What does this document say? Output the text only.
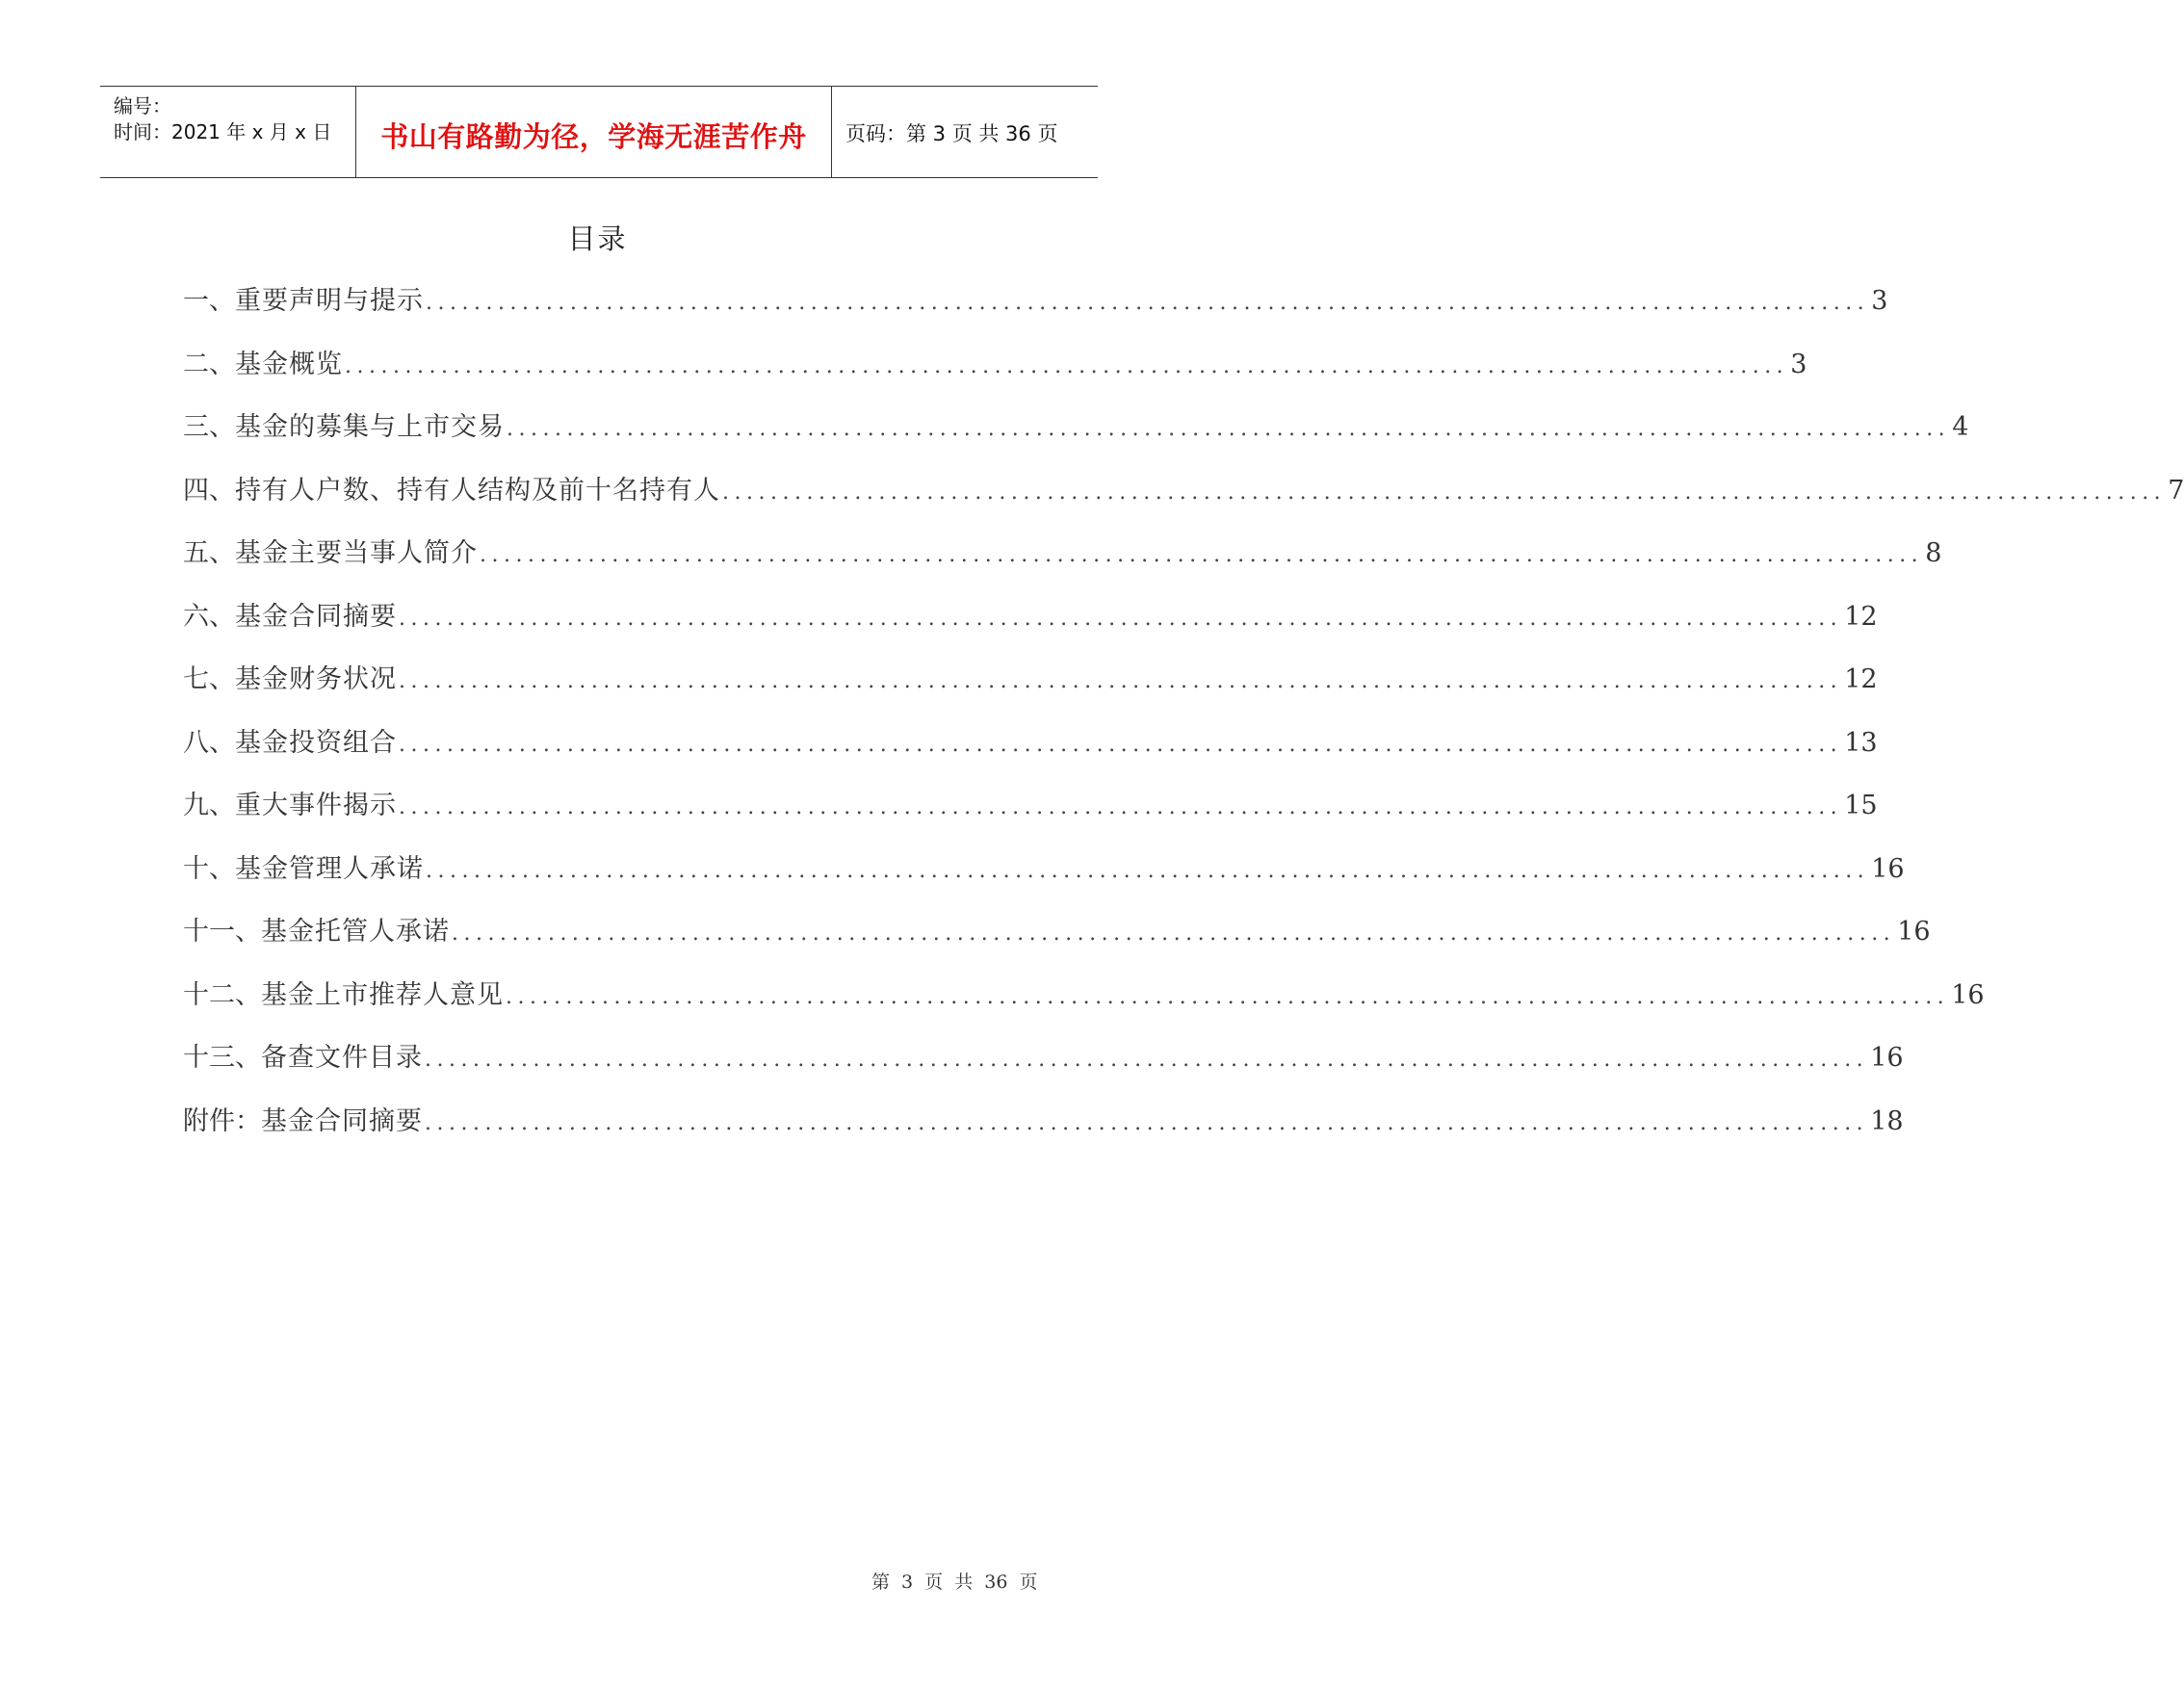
编号：
时间：2021 年 x 月 x 日	书山有路勤为径，学海无涯苦作舟	页码：第 3 页 共 36 页
目录
一、 重要声明与提示 ........................................................................................................................ 3
二、 基金概览 ........................................................................................................................ 3
三、 基金的募集与上市交易 ........................................................................................................................ 4
四、 持有人户数、持有人结构及前十名持有人 ........................................................................................................................ 7
五、 基金主要当事人简介 ........................................................................................................................ 8
六、 基金合同摘要 ........................................................................................................................ 12
七、 基金财务状况 ........................................................................................................................ 12
八、 基金投资组合 ........................................................................................................................ 13
九、 重大事件揭示 ........................................................................................................................ 15
十、 基金管理人承诺 ........................................................................................................................ 16
十一、 基金托管人承诺 ........................................................................................................................ 16
十二、 基金上市推荐人意见 ........................................................................................................................ 16
十三、 备查文件目录 ........................................................................................................................ 16
附件： 基金合同摘要 ........................................................................................................................ 18
第 3 页 共 36 页
